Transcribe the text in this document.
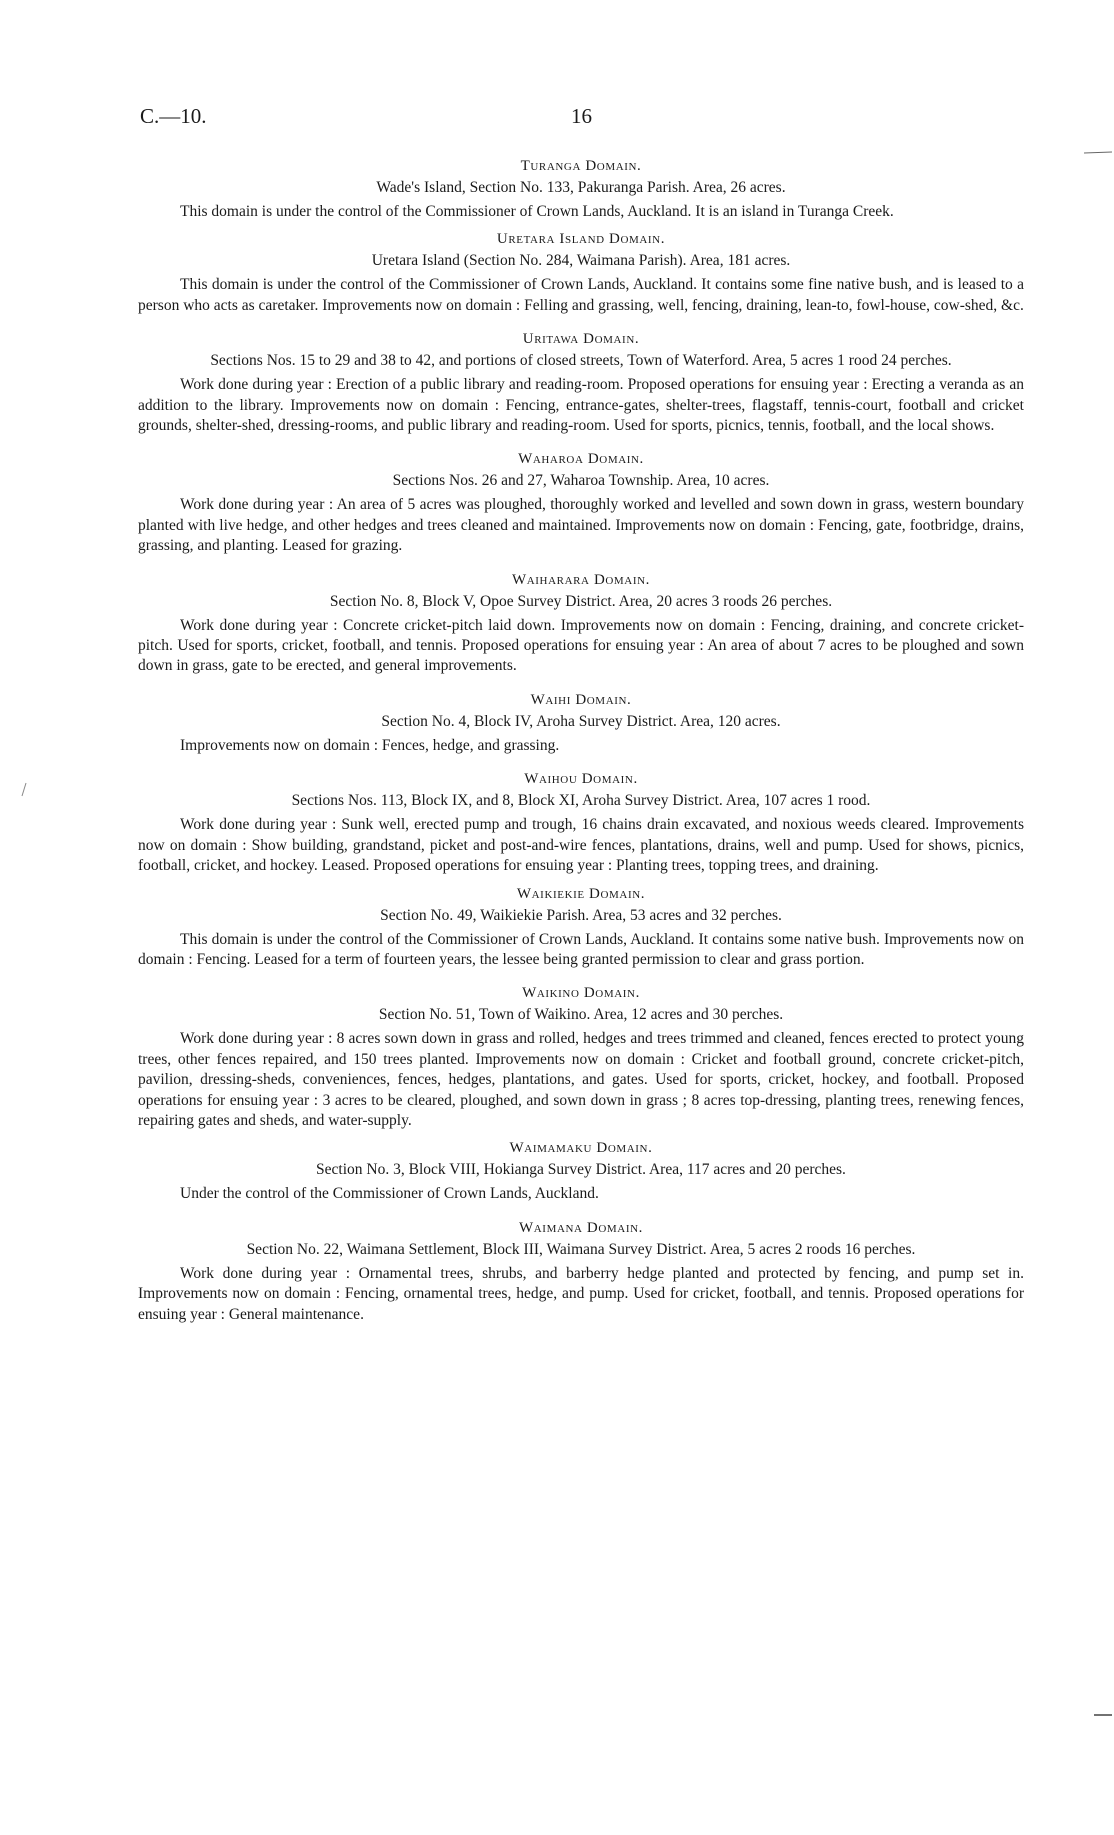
C.—10.	16
Turanga Domain.
Wade's Island, Section No. 133, Pakuranga Parish. Area, 26 acres.

This domain is under the control of the Commissioner of Crown Lands, Auckland. It is an island in Turanga Creek.

Uretara Island Domain.
Uretara Island (Section No. 284, Waimana Parish). Area, 181 acres.

This domain is under the control of the Commissioner of Crown Lands, Auckland. It contains some fine native bush, and is leased to a person who acts as caretaker. Improvements now on domain : Felling and grassing, well, fencing, draining, lean-to, fowl-house, cow-shed, &c.

Uritawa Domain.
Sections Nos. 15 to 29 and 38 to 42, and portions of closed streets, Town of Waterford. Area, 5 acres 1 rood 24 perches.

Work done during year : Erection of a public library and reading-room. Proposed operations for ensuing year : Erecting a veranda as an addition to the library. Improvements now on domain : Fencing, entrance-gates, shelter-trees, flagstaff, tennis-court, football and cricket grounds, shelter-shed, dressing-rooms, and public library and reading-room. Used for sports, picnics, tennis, football, and the local shows.

Waharoa Domain.
Sections Nos. 26 and 27, Waharoa Township. Area, 10 acres.

Work done during year : An area of 5 acres was ploughed, thoroughly worked and levelled and sown down in grass, western boundary planted with live hedge, and other hedges and trees cleaned and maintained. Improvements now on domain : Fencing, gate, footbridge, drains, grassing, and planting. Leased for grazing.

Waiharara Domain.
Section No. 8, Block V, Opoe Survey District. Area, 20 acres 3 roods 26 perches.

Work done during year : Concrete cricket-pitch laid down. Improvements now on domain : Fencing, draining, and concrete cricket-pitch. Used for sports, cricket, football, and tennis. Proposed operations for ensuing year : An area of about 7 acres to be ploughed and sown down in grass, gate to be erected, and general improvements.

Waihi Domain.
Section No. 4, Block IV, Aroha Survey District. Area, 120 acres.

Improvements now on domain : Fences, hedge, and grassing.

Waihou Domain.
Sections Nos. 113, Block IX, and 8, Block XI, Aroha Survey District. Area, 107 acres 1 rood.

Work done during year : Sunk well, erected pump and trough, 16 chains drain excavated, and noxious weeds cleared. Improvements now on domain : Show building, grandstand, picket and post-and-wire fences, plantations, drains, well and pump. Used for shows, picnics, football, cricket, and hockey. Leased. Proposed operations for ensuing year : Planting trees, topping trees, and draining.

Waikiekie Domain.
Section No. 49, Waikiekie Parish. Area, 53 acres and 32 perches.

This domain is under the control of the Commissioner of Crown Lands, Auckland. It contains some native bush. Improvements now on domain : Fencing. Leased for a term of fourteen years, the lessee being granted permission to clear and grass portion.

Waikino Domain.
Section No. 51, Town of Waikino. Area, 12 acres and 30 perches.

Work done during year : 8 acres sown down in grass and rolled, hedges and trees trimmed and cleaned, fences erected to protect young trees, other fences repaired, and 150 trees planted. Improvements now on domain : Cricket and football ground, concrete cricket-pitch, pavilion, dressing-sheds, conveniences, fences, hedges, plantations, and gates. Used for sports, cricket, hockey, and football. Proposed operations for ensuing year : 3 acres to be cleared, ploughed, and sown down in grass ; 8 acres top-dressing, planting trees, renewing fences, repairing gates and sheds, and water-supply.

Waimamaku Domain.
Section No. 3, Block VIII, Hokianga Survey District. Area, 117 acres and 20 perches.

Under the control of the Commissioner of Crown Lands, Auckland.

Waimana Domain.
Section No. 22, Waimana Settlement, Block III, Waimana Survey District. Area, 5 acres 2 roods 16 perches.

Work done during year : Ornamental trees, shrubs, and barberry hedge planted and protected by fencing, and pump set in. Improvements now on domain : Fencing, ornamental trees, hedge, and pump. Used for cricket, football, and tennis. Proposed operations for ensuing year : General maintenance.
